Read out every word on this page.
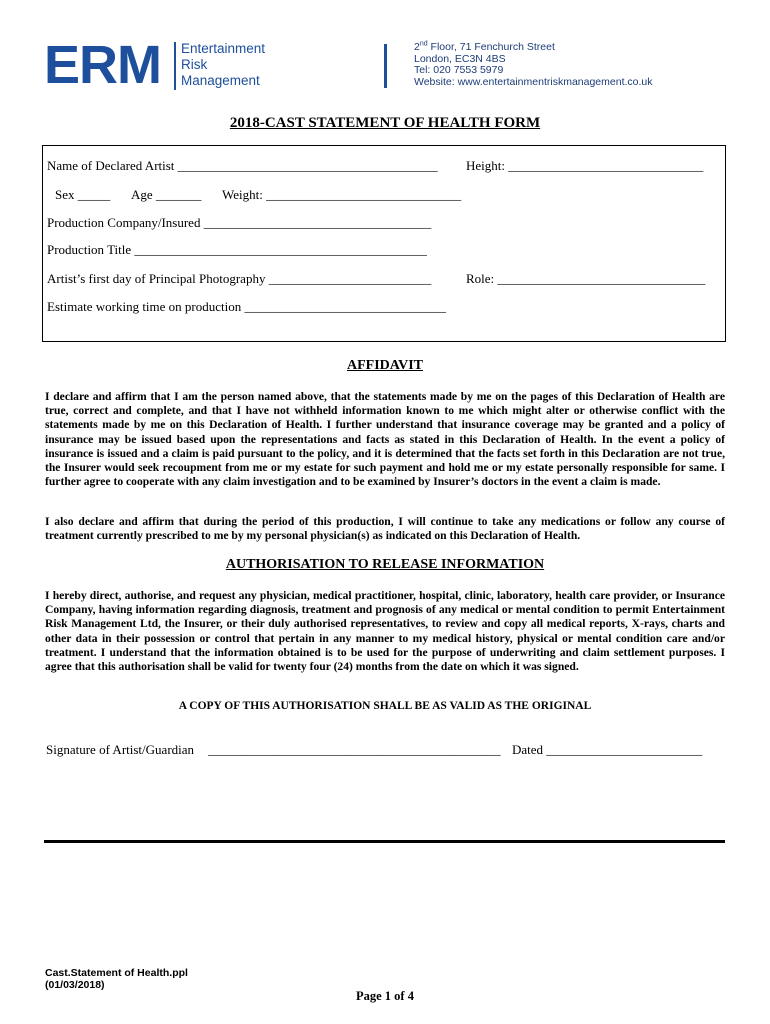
ERM Entertainment
Risk
Management
2nd Floor, 71 Fenchurch Street
London, EC3N 4BS
Tel: 020 7553 5979
Website: www.entertainmentriskmanagement.co.uk
2018-CAST STATEMENT OF HEALTH FORM
Name of Declared Artist ________________________________________ Height: ______________________________
Sex _____ Age _______ Weight: ______________________________
Production Company/Insured ___________________________________
Production Title _____________________________________________
Artist’s first day of Principal Photography _________________________	Role: ________________________________
Estimate working time on production _______________________________
AFFIDAVIT
I declare and affirm that I am the person named above, that the statements made by me on the pages of this Declaration of Health are true, correct and complete, and that I have not withheld information known to me which might alter or otherwise conflict with the statements made by me on this Declaration of Health. I further understand that insurance coverage may be granted and a policy of insurance may be issued based upon the representations and facts as stated in this Declaration of Health. In the event a policy of insurance is issued and a claim is paid pursuant to the policy, and it is determined that the facts set forth in this Declaration are not true, the Insurer would seek recoupment from me or my estate for such payment and hold me or my estate personally responsible for same. I further agree to cooperate with any claim investigation and to be examined by Insurer’s doctors in the event a claim is made.
I also declare and affirm that during the period of this production, I will continue to take any medications or follow any course of treatment currently prescribed to me by my personal physician(s) as indicated on this Declaration of Health.
AUTHORISATION TO RELEASE INFORMATION
I hereby direct, authorise, and request any physician, medical practitioner, hospital, clinic, laboratory, health care provider, or Insurance Company, having information regarding diagnosis, treatment and prognosis of any medical or mental condition to permit Entertainment Risk Management Ltd, the Insurer, or their duly authorised representatives, to review and copy all medical reports, X-rays, charts and other data in their possession or control that pertain in any manner to my medical history, physical or mental condition care and/or treatment. I understand that the information obtained is to be used for the purpose of underwriting and claim settlement purposes. I agree that this authorisation shall be valid for twenty four (24) months from the date on which it was signed.
A COPY OF THIS AUTHORISATION SHALL BE AS VALID AS THE ORIGINAL
Signature of Artist/Guardian _____________________________________________ Dated ________________________
Cast.Statement of Health.ppl
(01/03/2018)
Page 1 of 4
